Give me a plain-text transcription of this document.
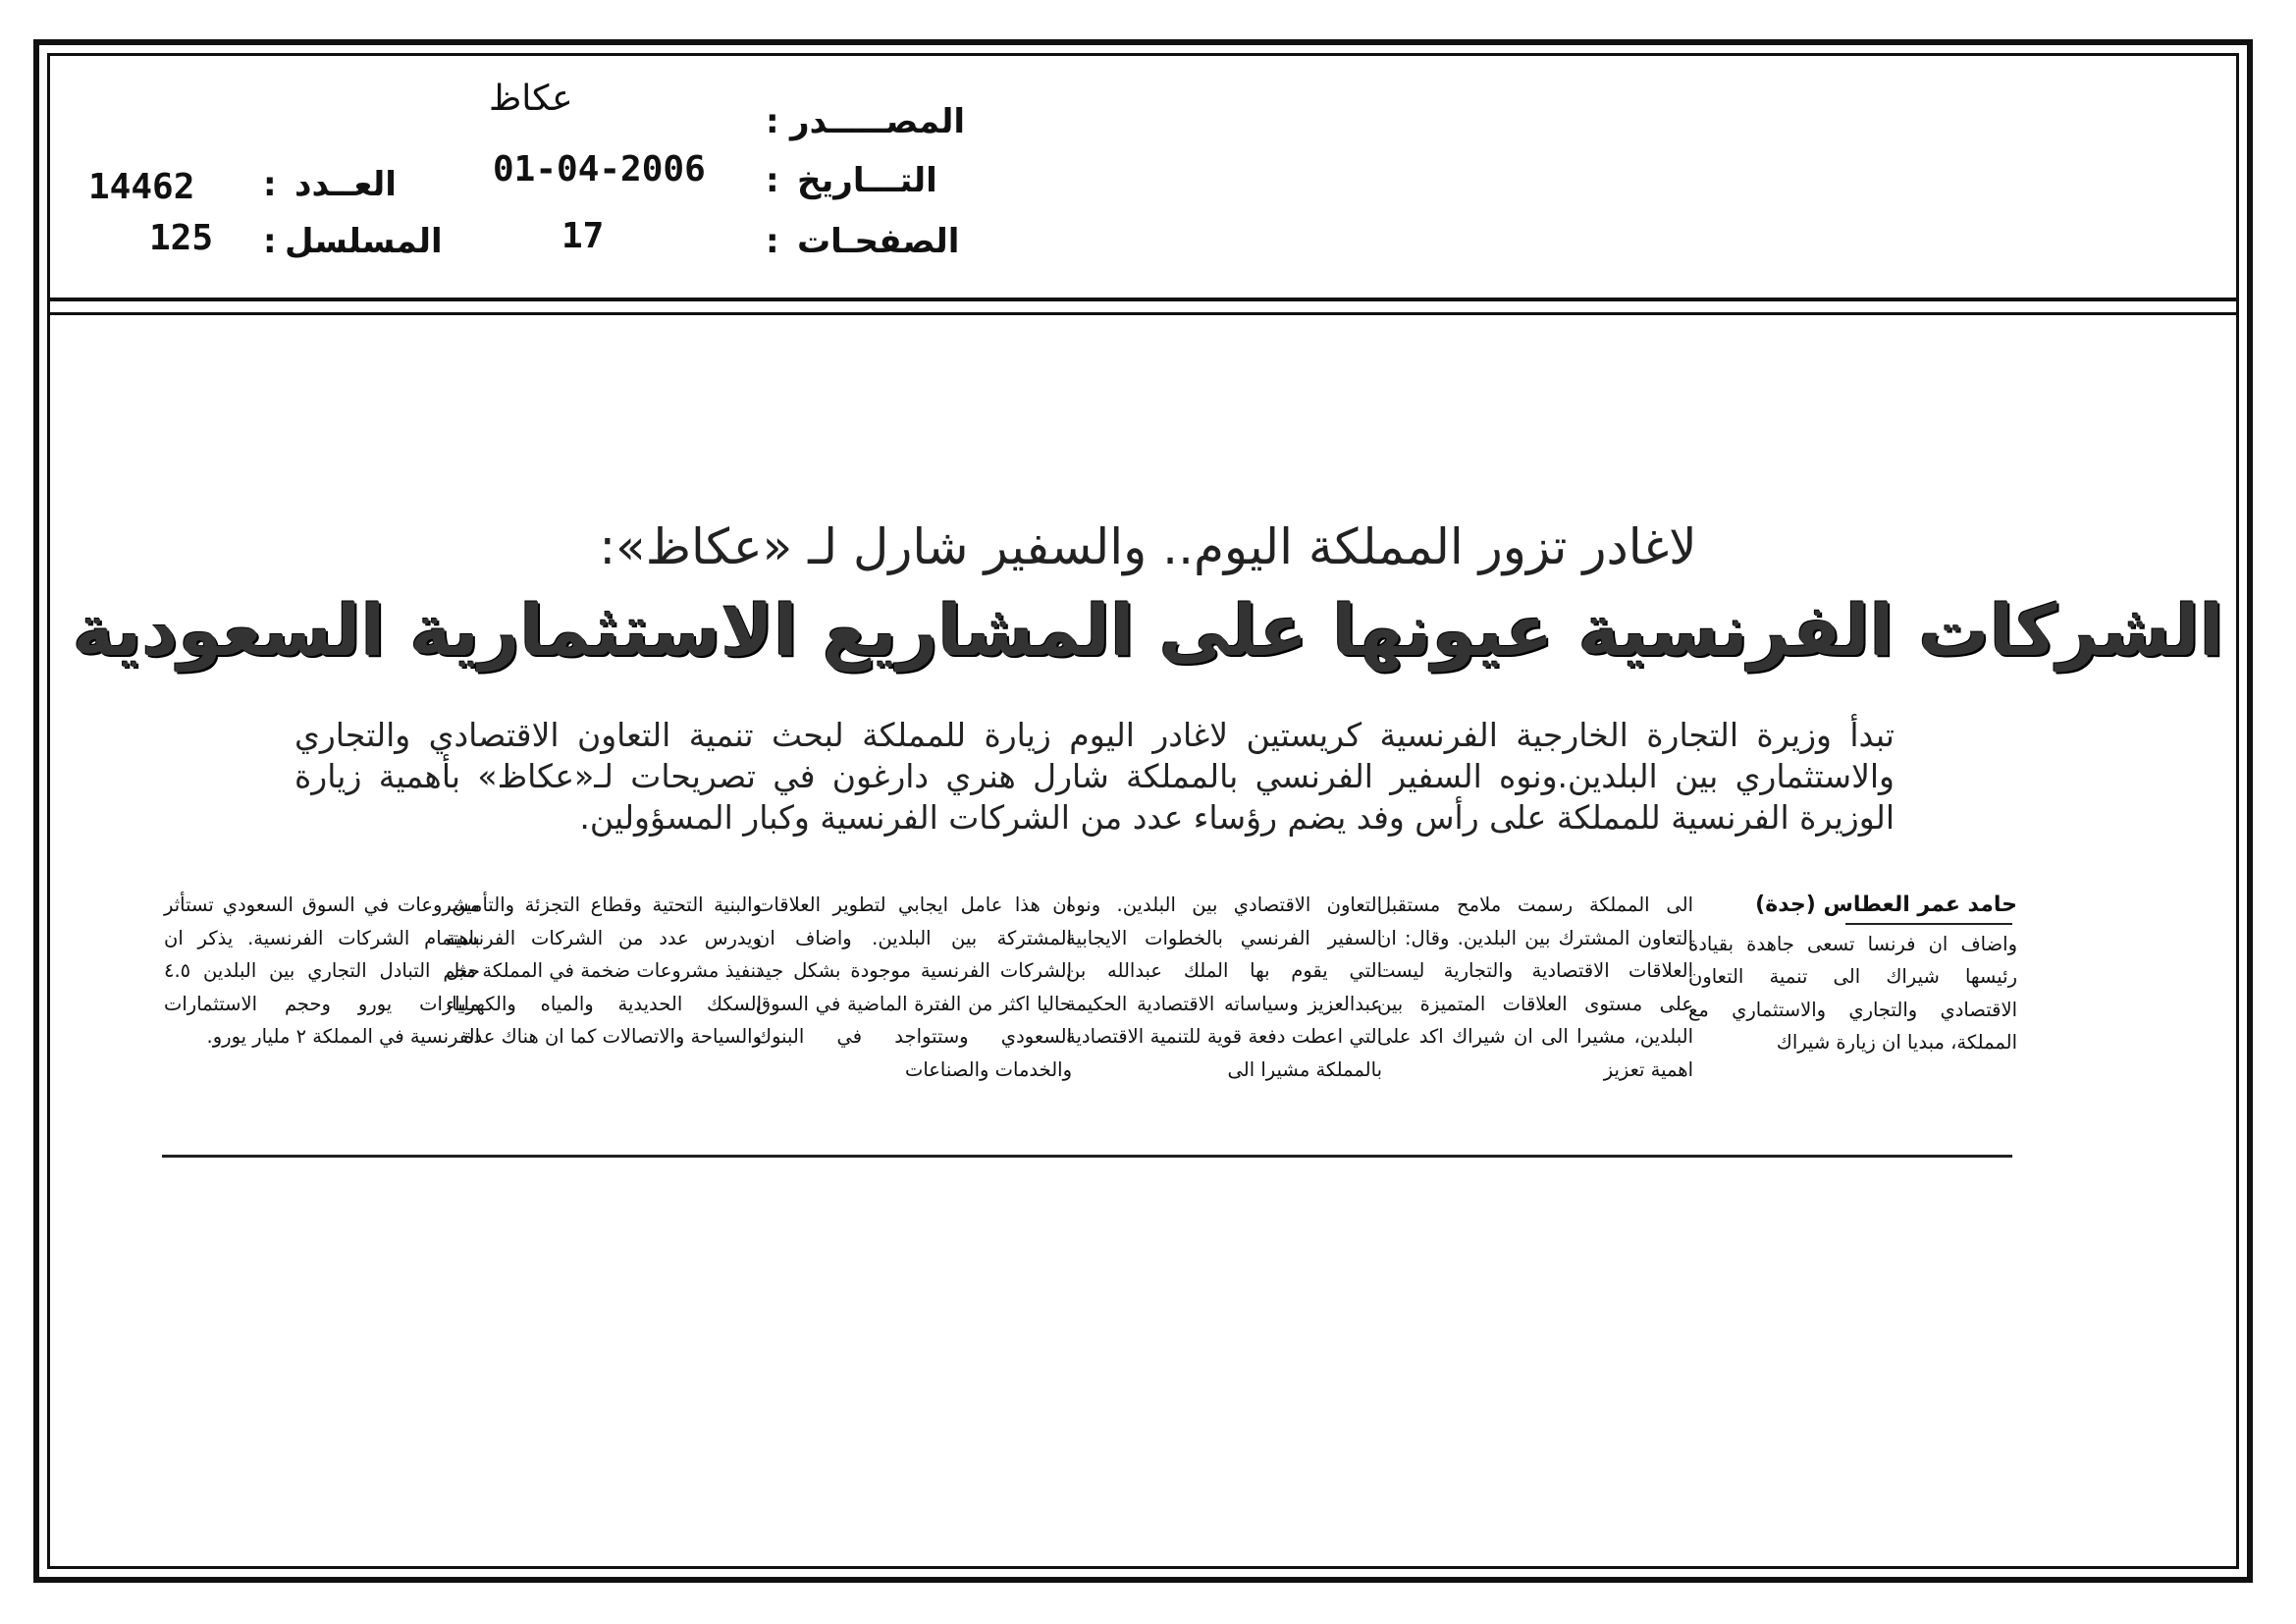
المصـــــدر
:
عكاظ
التـــاريخ
:
01-04-2006
الصفحـات
:
17
العــدد
:
14462
المسلسل
:
125
لاغادر تزور المملكة اليوم.. والسفير شارل لـ «عكاظ»:
الشركات الفرنسية عيونها على المشاريع الاستثمارية السعودية
تبدأ وزيرة التجارة الخارجية الفرنسية كريستين لاغادر اليوم زيارة للمملكة لبحث تنمية التعاون الاقتصادي والتجاري والاستثماري بين البلدين.ونوه السفير الفرنسي بالمملكة شارل هنري دارغون في تصريحات لـ«عكاظ» بأهمية زيارة الوزيرة الفرنسية للمملكة على رأس وفد يضم رؤساء عدد من الشركات الفرنسية وكبار المسؤولين.

حامد عمر العطاس (جدة)

واضاف ان فرنسا تسعى جاهدة بقيادة رئيسها شيراك الى تنمية التعاون الاقتصادي والتجاري والاستثماري مع المملكة، مبديا ان زيارة شيراك

الى المملكة رسمت ملامح مستقبل التعاون المشترك بين البلدين. وقال: ان العلاقات الاقتصادية والتجارية ليست على مستوى العلاقات المتميزة بين البلدين، مشيرا الى ان شيراك اكد على اهمية تعزيز

التعاون الاقتصادي بين البلدين. ونوه السفير الفرنسي بالخطوات الايجابية التي يقوم بها الملك عبدالله بن عبدالعزيز وسياساته الاقتصادية الحكيمة التي اعطت دفعة قوية للتنمية الاقتصادية بالمملكة مشيرا الى

ان هذا عامل ايجابي لتطوير العلاقات المشتركة بين البلدين. واضاف ان الشركات الفرنسية موجودة بشكل جيد حاليا اكثر من الفترة الماضية في السوق السعودي وستتواجد في البنوك والخدمات والصناعات

والبنية التحتية وقطاع التجزئة والتأمين، ويدرس عدد من الشركات الفرنسية تنفيذ مشروعات ضخمة في المملكة مثل السكك الحديدية والمياه والكهرباء والسياحة والاتصالات كما ان هناك عدة

مشروعات في السوق السعودي تستأثر باهتمام الشركات الفرنسية. يذكر ان حجم التبادل التجاري بين البلدين ٤.٥ مليارات يورو وحجم الاستثمارات الفرنسية في المملكة ٢ مليار يورو.
